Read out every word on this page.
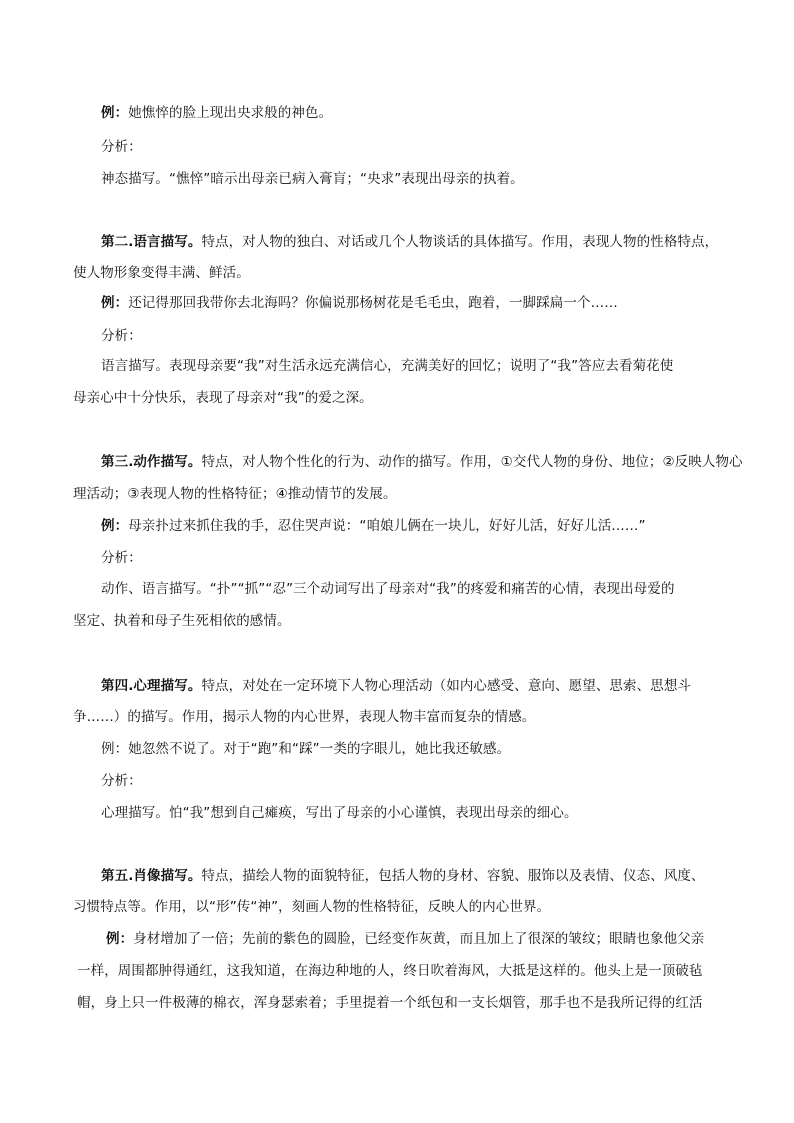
例：她憔悴的脸上现出央求般的神色。
分析：
神态描写。“憔悴”暗示出母亲已病入膏肓；“央求”表现出母亲的执着。
第二.语言描写。特点，对人物的独白、对话或几个人物谈话的具体描写。作用，表现人物的性格特点，
使人物形象变得丰满、鲜活。
例：还记得那回我带你去北海吗？你偏说那杨树花是毛毛虫，跑着，一脚踩扁一个……
分析：
语言描写。表现母亲要“我”对生活永远充满信心，充满美好的回忆；说明了“我”答应去看菊花使
母亲心中十分快乐，表现了母亲对“我”的爱之深。
第三.动作描写。特点，对人物个性化的行为、动作的描写。作用，①交代人物的身份、地位；②反映人物心
理活动；③表现人物的性格特征；④推动情节的发展。
例：母亲扑过来抓住我的手，忍住哭声说：“咱娘儿俩在一块儿，好好儿活，好好儿活……”
分析：
动作、语言描写。“扑”“抓”“忍”三个动词写出了母亲对“我”的疼爱和痛苦的心情，表现出母爱的
坚定、执着和母子生死相依的感情。
第四.心理描写。特点，对处在一定环境下人物心理活动（如内心感受、意向、愿望、思索、思想斗
争……）的描写。作用，揭示人物的内心世界，表现人物丰富而复杂的情感。
例：她忽然不说了。对于“跑”和“踩”一类的字眼儿，她比我还敏感。
分析：
心理描写。怕“我”想到自己瘫痪，写出了母亲的小心谨慎，表现出母亲的细心。
第五.肖像描写。特点，描绘人物的面貌特征，包括人物的身材、容貌、服饰以及表情、仪态、风度、
习惯特点等。作用，以“形”传“神”，刻画人物的性格特征，反映人的内心世界。
例：身材增加了一倍；先前的紫色的圆脸，已经变作灰黄，而且加上了很深的皱纹；眼睛也象他父亲
一样，周围都肿得通红，这我知道，在海边种地的人，终日吹着海风，大抵是这样的。他头上是一顶破毡
帽，身上只一件极薄的棉衣，浑身瑟索着；手里提着一个纸包和一支长烟管，那手也不是我所记得的红活
